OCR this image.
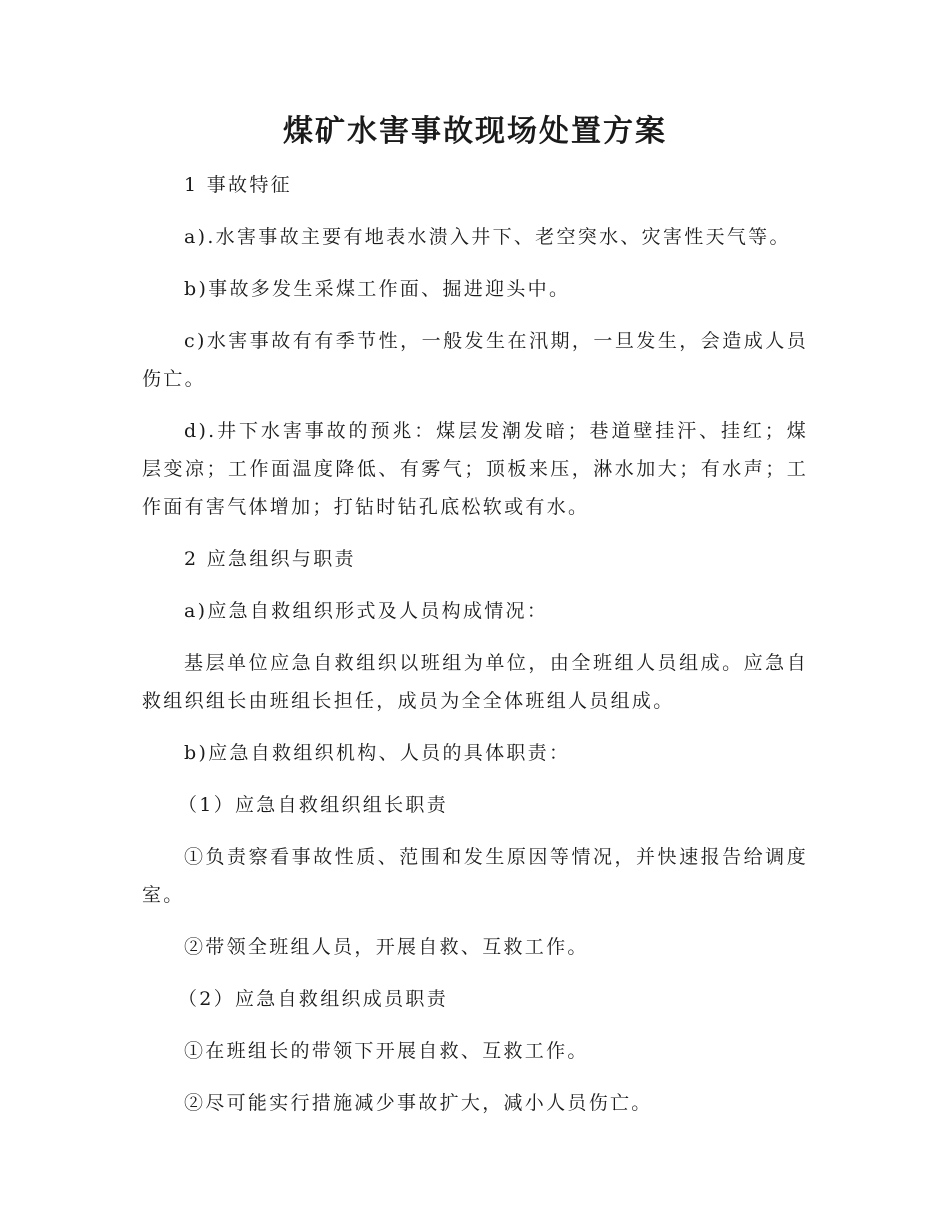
煤矿水害事故现场处置方案

1 事故特征

a).水害事故主要有地表水溃入井下、老空突水、灾害性天气等。

b)事故多发生采煤工作面、掘进迎头中。

c)水害事故有有季节性，一般发生在汛期，一旦发生，会造成人员伤亡。

d).井下水害事故的预兆：煤层发潮发暗；巷道壁挂汗、挂红；煤层变凉；工作面温度降低、有雾气；顶板来压，淋水加大；有水声；工作面有害气体增加；打钻时钻孔底松软或有水。

2 应急组织与职责

a)应急自救组织形式及人员构成情况：

基层单位应急自救组织以班组为单位，由全班组人员组成。应急自救组织组长由班组长担任，成员为全全体班组人员组成。

b)应急自救组织机构、人员的具体职责：

（1）应急自救组织组长职责

①负责察看事故性质、范围和发生原因等情况，并快速报告给调度室。

②带领全班组人员，开展自救、互救工作。

（2）应急自救组织成员职责

①在班组长的带领下开展自救、互救工作。

②尽可能实行措施减少事故扩大，减小人员伤亡。
